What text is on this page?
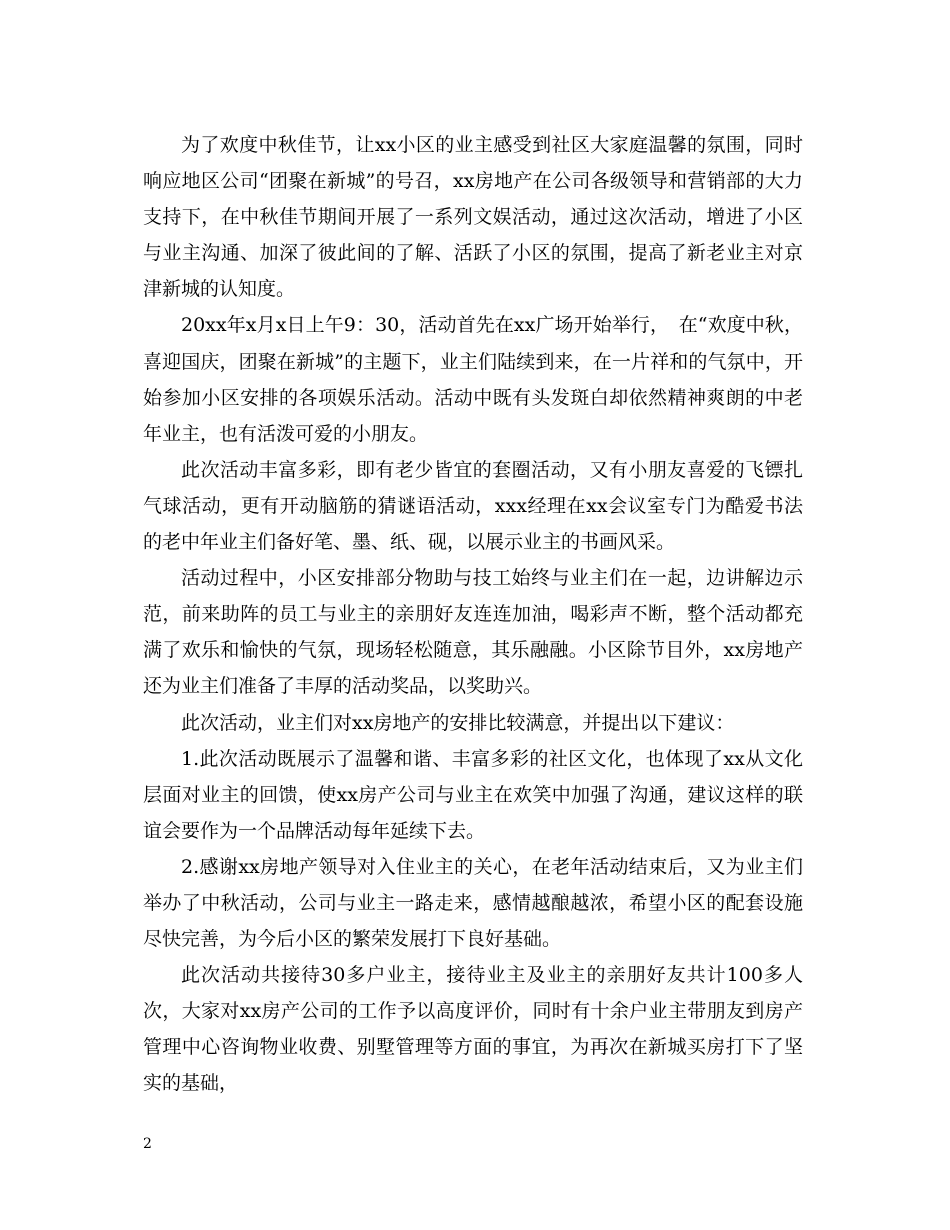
为了欢度中秋佳节，让xx小区的业主感受到社区大家庭温馨的氛围，同时响应地区公司“团聚在新城”的号召，xx房地产在公司各级领导和营销部的大力支持下，在中秋佳节期间开展了一系列文娱活动，通过这次活动，增进了小区与业主沟通、加深了彼此间的了解、活跃了小区的氛围，提高了新老业主对京津新城的认知度。

20xx年x月x日上午9：30，活动首先在xx广场开始举行，　在“欢度中秋，喜迎国庆，团聚在新城”的主题下，业主们陆续到来，在一片祥和的气氛中，开始参加小区安排的各项娱乐活动。活动中既有头发斑白却依然精神爽朗的中老年业主，也有活泼可爱的小朋友。

此次活动丰富多彩，即有老少皆宜的套圈活动，又有小朋友喜爱的飞镖扎气球活动，更有开动脑筋的猜谜语活动，xxx经理在xx会议室专门为酷爱书法的老中年业主们备好笔、墨、纸、砚，以展示业主的书画风采。

活动过程中，小区安排部分物助与技工始终与业主们在一起，边讲解边示范，前来助阵的员工与业主的亲朋好友连连加油，喝彩声不断，整个活动都充满了欢乐和愉快的气氛，现场轻松随意，其乐融融。小区除节目外，xx房地产还为业主们准备了丰厚的活动奖品，以奖助兴。

此次活动，业主们对xx房地产的安排比较满意，并提出以下建议：

1.此次活动既展示了温馨和谐、丰富多彩的社区文化，也体现了xx从文化层面对业主的回馈，使xx房产公司与业主在欢笑中加强了沟通，建议这样的联谊会要作为一个品牌活动每年延续下去。

2.感谢xx房地产领导对入住业主的关心，在老年活动结束后，又为业主们举办了中秋活动，公司与业主一路走来，感情越酿越浓，希望小区的配套设施尽快完善，为今后小区的繁荣发展打下良好基础。

此次活动共接待30多户业主，接待业主及业主的亲朋好友共计100多人次，大家对xx房产公司的工作予以高度评价，同时有十余户业主带朋友到房产管理中心咨询物业收费、别墅管理等方面的事宜，为再次在新城买房打下了坚实的基础，

2
